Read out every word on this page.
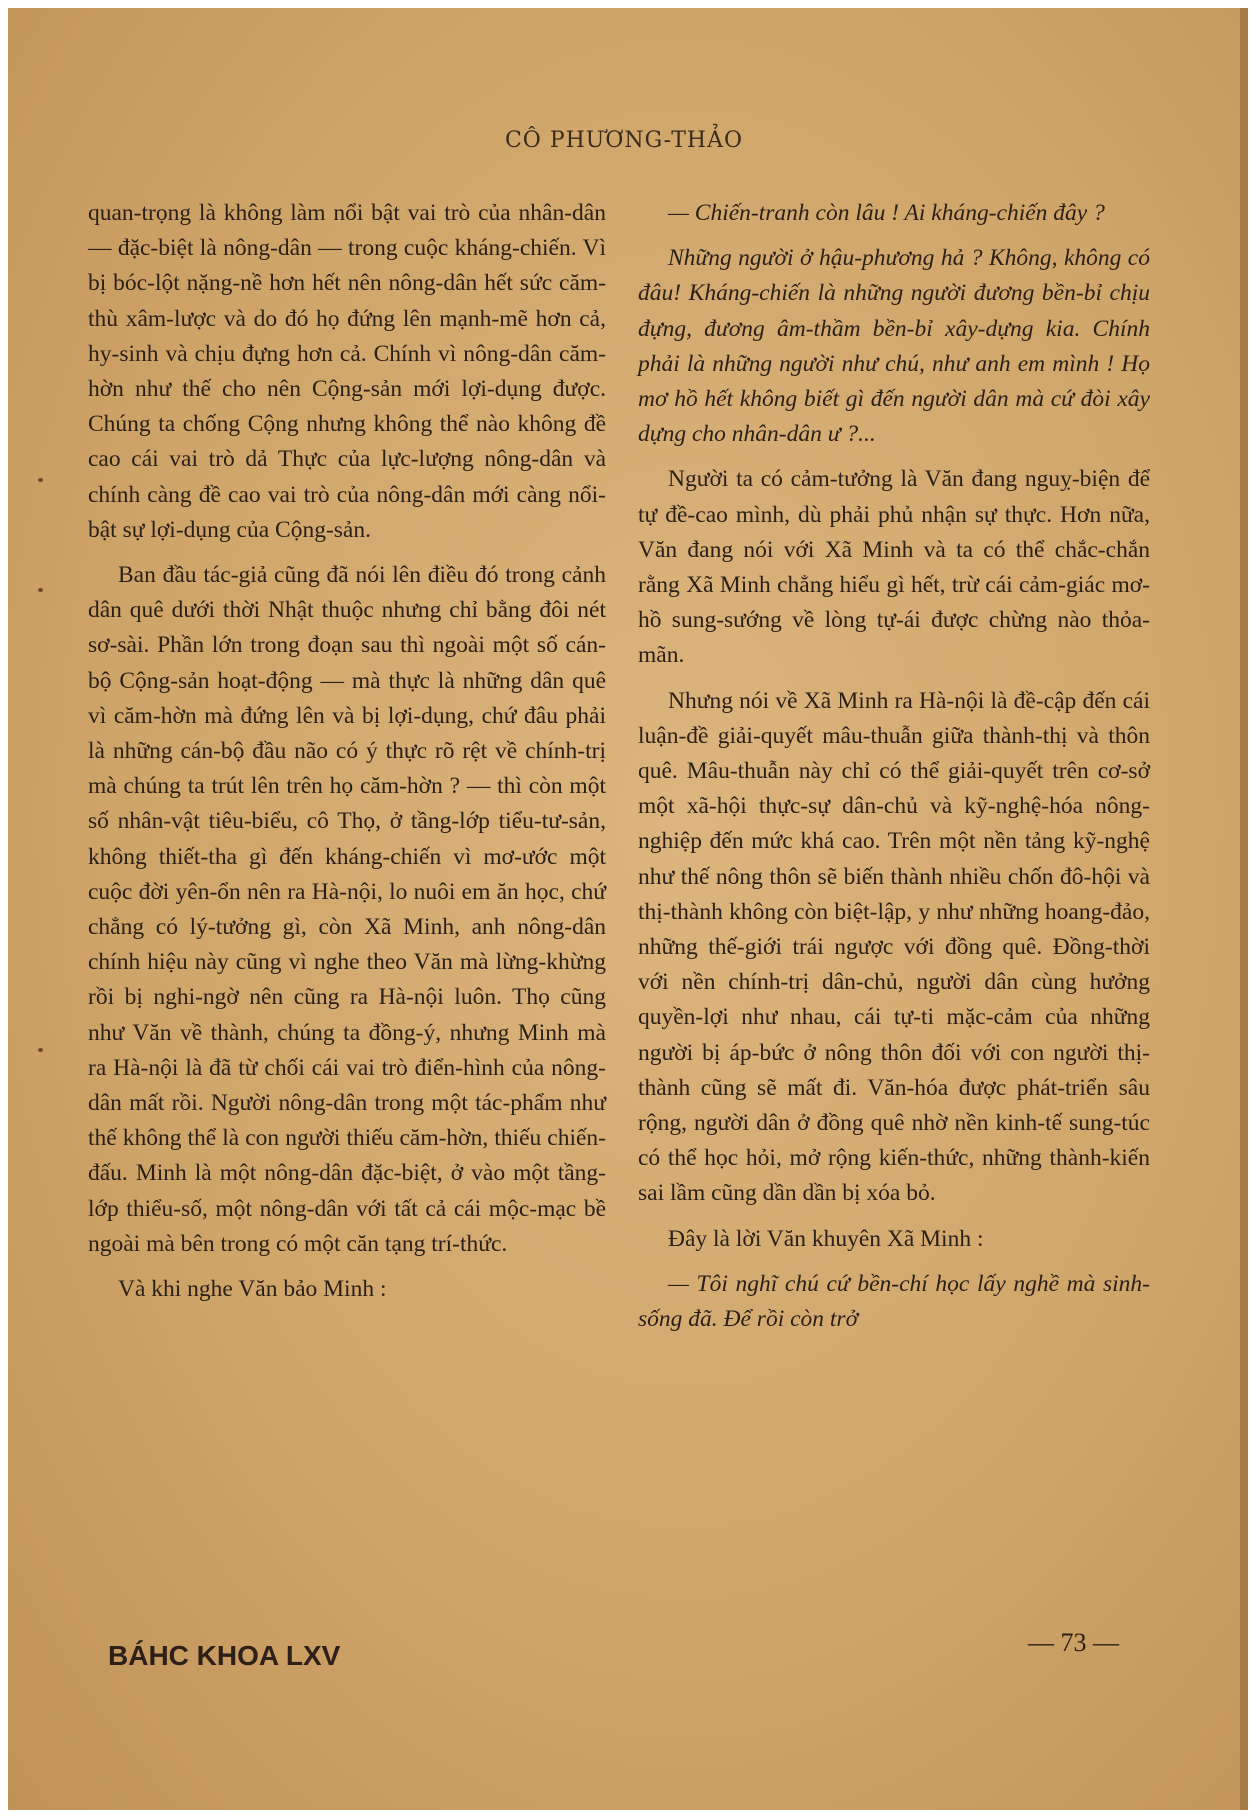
CÔ PHƯƠNG-THẢO

quan-trọng là không làm nổi bật vai trò của nhân-dân — đặc-biệt là nông-dân — trong cuộc kháng-chiến. Vì bị bóc-lột nặng-nề hơn hết nên nông-dân hết sức căm-thù xâm-lược và do đó họ đứng lên mạnh-mẽ hơn cả, hy-sinh và chịu đựng hơn cả. Chính vì nông-dân căm-hờn như thế cho nên Cộng-sản mới lợi-dụng được. Chúng ta chống Cộng nhưng không thể nào không đề cao cái vai trò dả Thực của lực-lượng nông-dân và chính càng đề cao vai trò của nông-dân mới càng nổi-bật sự lợi-dụng của Cộng-sản.

Ban đầu tác-giả cũng đã nói lên điều đó trong cảnh dân quê dưới thời Nhật thuộc nhưng chỉ bằng đôi nét sơ-sài. Phần lớn trong đoạn sau thì ngoài một số cán-bộ Cộng-sản hoạt-động — mà thực là những dân quê vì căm-hờn mà đứng lên và bị lợi-dụng, chứ đâu phải là những cán-bộ đầu não có ý thực rõ rệt về chính-trị mà chúng ta trút lên trên họ căm-hờn ? — thì còn một số nhân-vật tiêu-biểu, cô Thọ, ở tầng-lớp tiểu-tư-sản, không thiết-tha gì đến kháng-chiến vì mơ-ước một cuộc đời yên-ổn nên ra Hà-nội, lo nuôi em ăn học, chứ chẳng có lý-tưởng gì, còn Xã Minh, anh nông-dân chính hiệu này cũng vì nghe theo Văn mà lừng-khừng rồi bị nghi-ngờ nên cũng ra Hà-nội luôn. Thọ cũng như Văn về thành, chúng ta đồng-ý, nhưng Minh mà ra Hà-nội là đã từ chối cái vai trò điển-hình của nông-dân mất rồi. Người nông-dân trong một tác-phẩm như thế không thể là con người thiếu căm-hờn, thiếu chiến-đấu. Minh là một nông-dân đặc-biệt, ở vào một tầng-lớp thiểu-số, một nông-dân với tất cả cái mộc-mạc bề ngoài mà bên trong có một căn tạng trí-thức.

Và khi nghe Văn bảo Minh :

— Chiến-tranh còn lâu ! Ai kháng-chiến đây ?

Những người ở hậu-phương hả ? Không, không có đâu! Kháng-chiến là những người đương bền-bỉ chịu đựng, đương âm-thầm bền-bỉ xây-dựng kia. Chính phải là những người như chú, như anh em mình ! Họ mơ hồ hết không biết gì đến người dân mà cứ đòi xây dựng cho nhân-dân ư ?...

Người ta có cảm-tưởng là Văn đang nguỵ-biện để tự đề-cao mình, dù phải phủ nhận sự thực. Hơn nữa, Văn đang nói với Xã Minh và ta có thể chắc-chắn rằng Xã Minh chẳng hiểu gì hết, trừ cái cảm-giác mơ-hồ sung-sướng về lòng tự-ái được chừng nào thỏa-mãn.

Nhưng nói về Xã Minh ra Hà-nội là đề-cập đến cái luận-đề giải-quyết mâu-thuẫn giữa thành-thị và thôn quê. Mâu-thuẫn này chỉ có thể giải-quyết trên cơ-sở một xã-hội thực-sự dân-chủ và kỹ-nghệ-hóa nông-nghiệp đến mức khá cao. Trên một nền tảng kỹ-nghệ như thế nông thôn sẽ biến thành nhiều chốn đô-hội và thị-thành không còn biệt-lập, y như những hoang-đảo, những thế-giới trái ngược với đồng quê. Đồng-thời với nền chính-trị dân-chủ, người dân cùng hưởng quyền-lợi như nhau, cái tự-ti mặc-cảm của những người bị áp-bức ở nông thôn đối với con người thị-thành cũng sẽ mất đi. Văn-hóa được phát-triển sâu rộng, người dân ở đồng quê nhờ nền kinh-tế sung-túc có thể học hỏi, mở rộng kiến-thức, những thành-kiến sai lầm cũng dần dần bị xóa bỏ.

Đây là lời Văn khuyên Xã Minh :

— Tôi nghĩ chú cứ bền-chí học lấy nghề mà sinh-sống đã. Để rồi còn trở

BÁHC KHOA LXV	— 73 —
